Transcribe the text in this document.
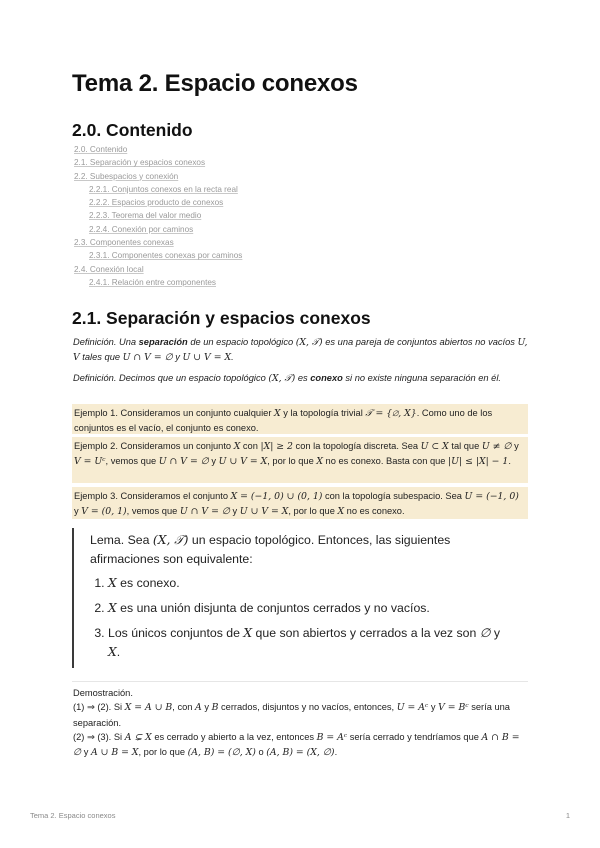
Tema 2. Espacio conexos
2.0. Contenido
2.0. Contenido
2.1. Separación y espacios conexos
2.2. Subespacios y conexión
2.2.1. Conjuntos conexos en la recta real
2.2.2. Espacios producto de conexos
2.2.3. Teorema del valor medio
2.2.4. Conexión por caminos
2.3. Componentes conexas
2.3.1. Componentes conexas por caminos
2.4. Conexión local
2.4.1. Relación entre componentes
2.1. Separación y espacios conexos
Definición. Una separación de un espacio topológico (X, 𝒯) es una pareja de conjuntos abiertos no vacíos U, V tales que U ∩ V = ∅ y U ∪ V = X.
Definición. Decimos que un espacio topológico (X, 𝒯) es conexo si no existe ninguna separación en él.
Ejemplo 1. Consideramos un conjunto cualquier X y la topología trivial 𝒯 = {∅, X}. Como uno de los conjuntos es el vacío, el conjunto es conexo.
Ejemplo 2. Consideramos un conjunto X con |X| ≥ 2 con la topología discreta. Sea U ⊂ X tal que U ≠ ∅ y V = Uᶜ, vemos que U ∩ V = ∅ y U ∪ V = X, por lo que X no es conexo. Basta con que |U| ≤ |X| − 1.
Ejemplo 3. Consideramos el conjunto X = (−1, 0) ∪ (0, 1) con la topología subespacio. Sea U = (−1, 0) y V = (0, 1), vemos que U ∩ V = ∅ y U ∪ V = X, por lo que X no es conexo.

Lema. Sea (X, 𝒯) un espacio topológico. Entonces, las siguientes afirmaciones son equivalente:

1. X es conexo.
2. X es una unión disjunta de conjuntos cerrados y no vacíos.
3. Los únicos conjuntos de X que son abiertos y cerrados a la vez son ∅ y X.
Demostración.
(1) ⇒ (2). Si X = A ∪ B, con A y B cerrados, disjuntos y no vacíos, entonces, U = Aᶜ y V = Bᶜ sería una separación.
(2) ⇒ (3). Si A ⊊ X es cerrado y abierto a la vez, entonces B = Aᶜ sería cerrado y tendríamos que A ∩ B = ∅ y A ∪ B = X, por lo que (A, B) = (∅, X) o (A, B) = (X, ∅).
Tema 2. Espacio conexos	1
